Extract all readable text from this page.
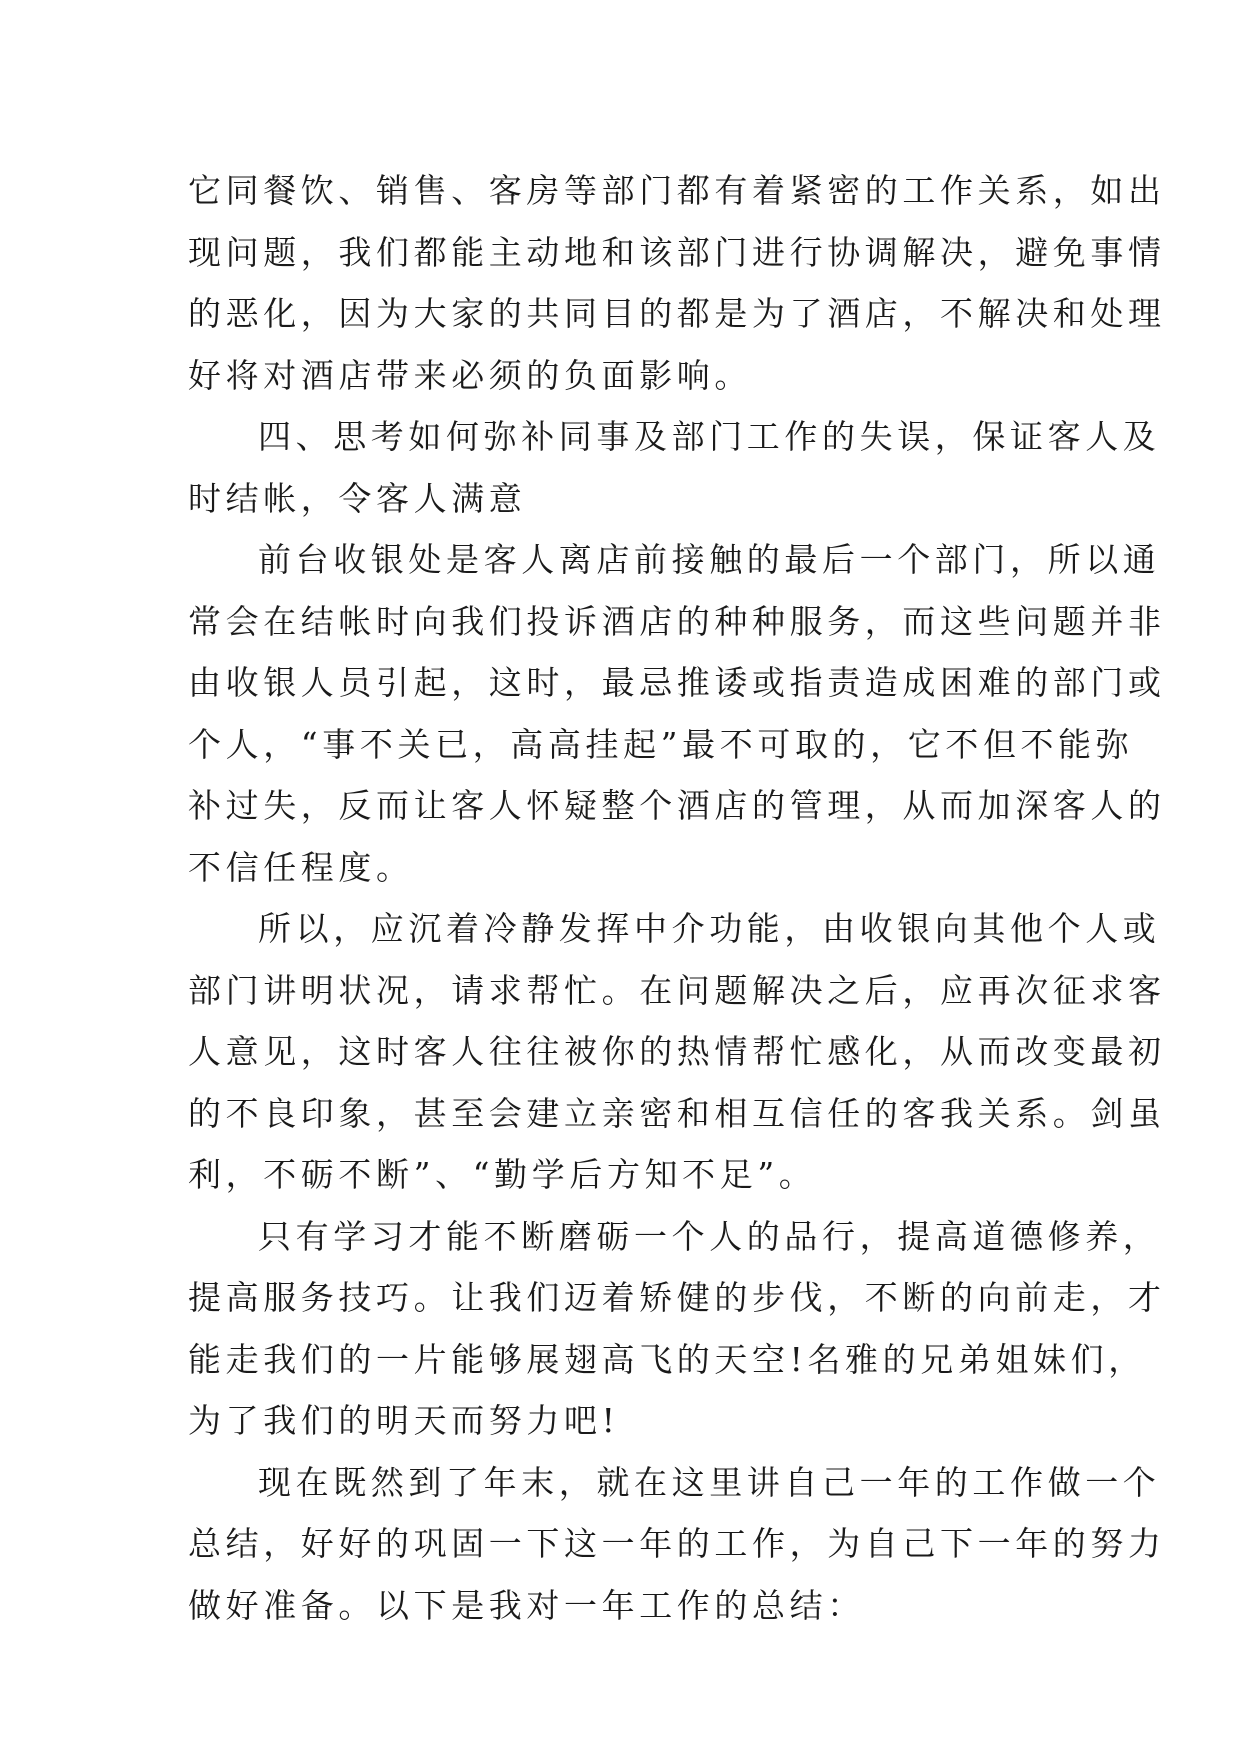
它同餐饮、销售、客房等部门都有着紧密的工作关系，如出
现问题，我们都能主动地和该部门进行协调解决，避免事情
的恶化，因为大家的共同目的都是为了酒店，不解决和处理
好将对酒店带来必须的负面影响。
四、思考如何弥补同事及部门工作的失误，保证客人及
时结帐，令客人满意
前台收银处是客人离店前接触的最后一个部门，所以通
常会在结帐时向我们投诉酒店的种种服务，而这些问题并非
由收银人员引起，这时，最忌推诿或指责造成困难的部门或
个人，“事不关已，高高挂起”最不可取的，它不但不能弥
补过失，反而让客人怀疑整个酒店的管理，从而加深客人的
不信任程度。
所以，应沉着冷静发挥中介功能，由收银向其他个人或
部门讲明状况，请求帮忙。在问题解决之后，应再次征求客
人意见，这时客人往往被你的热情帮忙感化，从而改变最初
的不良印象，甚至会建立亲密和相互信任的客我关系。剑虽
利，不砺不断”、“勤学后方知不足”。
只有学习才能不断磨砺一个人的品行，提高道德修养，
提高服务技巧。让我们迈着矫健的步伐，不断的向前走，才
能走我们的一片能够展翅高飞的天空!名雅的兄弟姐妹们，
为了我们的明天而努力吧!
现在既然到了年末，就在这里讲自己一年的工作做一个
总结，好好的巩固一下这一年的工作，为自己下一年的努力
做好准备。以下是我对一年工作的总结：
